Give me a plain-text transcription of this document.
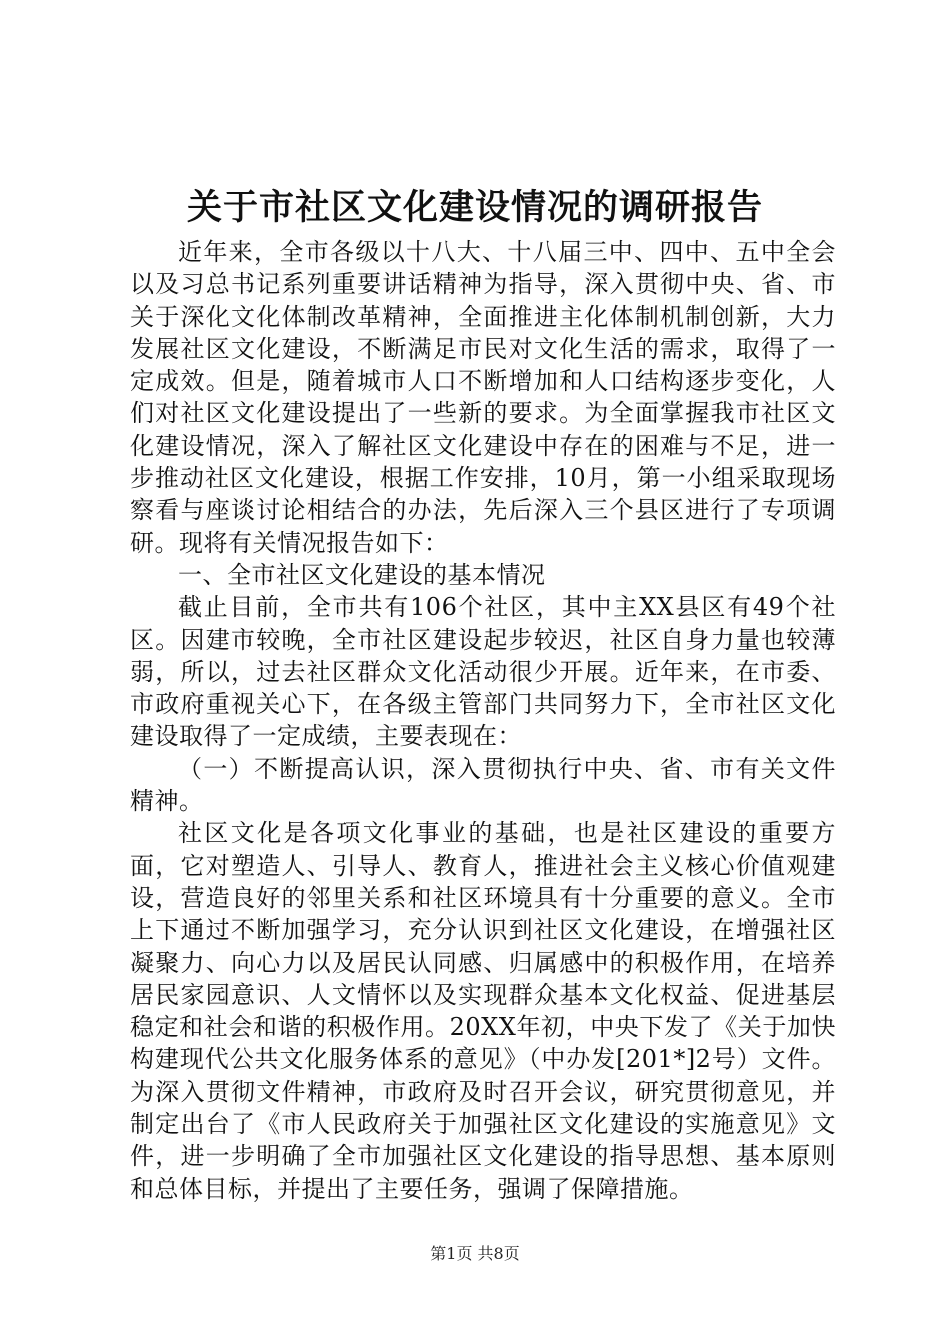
关于市社区文化建设情况的调研报告

近年来，全市各级以十八大、十八届三中、四中、五中全会以及习总书记系列重要讲话精神为指导，深入贯彻中央、省、市关于深化文化体制改革精神，全面推进主化体制机制创新，大力发展社区文化建设，不断满足市民对文化生活的需求，取得了一定成效。但是，随着城市人口不断增加和人口结构逐步变化，人们对社区文化建设提出了一些新的要求。为全面掌握我市社区文化建设情况，深入了解社区文化建设中存在的困难与不足，进一步推动社区文化建设，根据工作安排，10月，第一小组采取现场察看与座谈讨论相结合的办法，先后深入三个县区进行了专项调研。现将有关情况报告如下：

一、全市社区文化建设的基本情况

截止目前，全市共有106个社区，其中主XX县区有49个社区。因建市较晚，全市社区建设起步较迟，社区自身力量也较薄弱，所以，过去社区群众文化活动很少开展。近年来，在市委、市政府重视关心下，在各级主管部门共同努力下，全市社区文化建设取得了一定成绩，主要表现在：

（一）不断提高认识，深入贯彻执行中央、省、市有关文件精神。

社区文化是各项文化事业的基础，也是社区建设的重要方面，它对塑造人、引导人、教育人，推进社会主义核心价值观建设，营造良好的邻里关系和社区环境具有十分重要的意义。全市上下通过不断加强学习，充分认识到社区文化建设，在增强社区凝聚力、向心力以及居民认同感、归属感中的积极作用，在培养居民家园意识、人文情怀以及实现群众基本文化权益、促进基层稳定和社会和谐的积极作用。20XX年初，中央下发了《关于加快构建现代公共文化服务体系的意见》（中办发[201*]2号）文件。为深入贯彻文件精神，市政府及时召开会议，研究贯彻意见，并制定出台了《市人民政府关于加强社区文化建设的实施意见》文件，进一步明确了全市加强社区文化建设的指导思想、基本原则和总体目标，并提出了主要任务，强调了保障措施。

第1页 共8页
